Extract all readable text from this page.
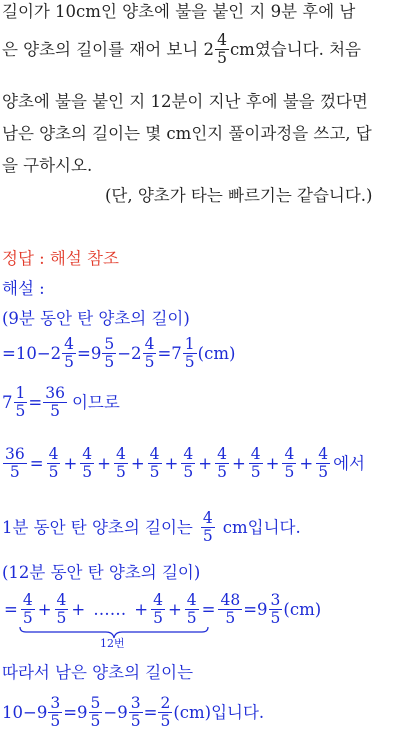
길이가 10cm인 양초에 불을 붙인 지 9분 후에 남
은 양초의 길이를 재어 보니 2 4
5 cm였습니다. 처음
양초에 불을 붙인 지 12분이 지난 후에 불을 껐다면
남은 양초의 길이는 몇 cm인지 풀이과정을 쓰고, 답
을 구하시오.
(단, 양초가 타는 빠르기는 같습니다.)
정답 : 해설 참조
해설 :
(9분 동안 탄 양초의 길이)
$=10-2 \frac{4}{5} =9$ 5
$5 -2 \frac{4}{5} =7$ 1
5 (cm)
$7 \frac{1}{5} = \frac{36}{5}$ 이므로
$\frac{36}{5} = \frac{4}{5} + \frac{4}{5} + \frac{4}{5} + \frac{4}{5} + \frac{4}{5} + \frac{4}{5} + \frac{4}{5} + \frac{4}{5} + \frac{4}{5}$ 에서
1분 동안 탄 양초의 길이는 4
5 cm입니다.
(12분 동안 탄 양초의 길이)
= $\frac{4}{5} + \frac{4}{5}$ + …… + $\frac{4}{5} + \frac{4}{5} = \frac{48}{5} =9$ 3
5 (cm)
12번
따라서 남은 양초의 길이는
$10-9 \frac{3}{5} =9$ 5
$5 -9 \frac{3}{5} = \frac{2}{5} (cm)$입니다.
